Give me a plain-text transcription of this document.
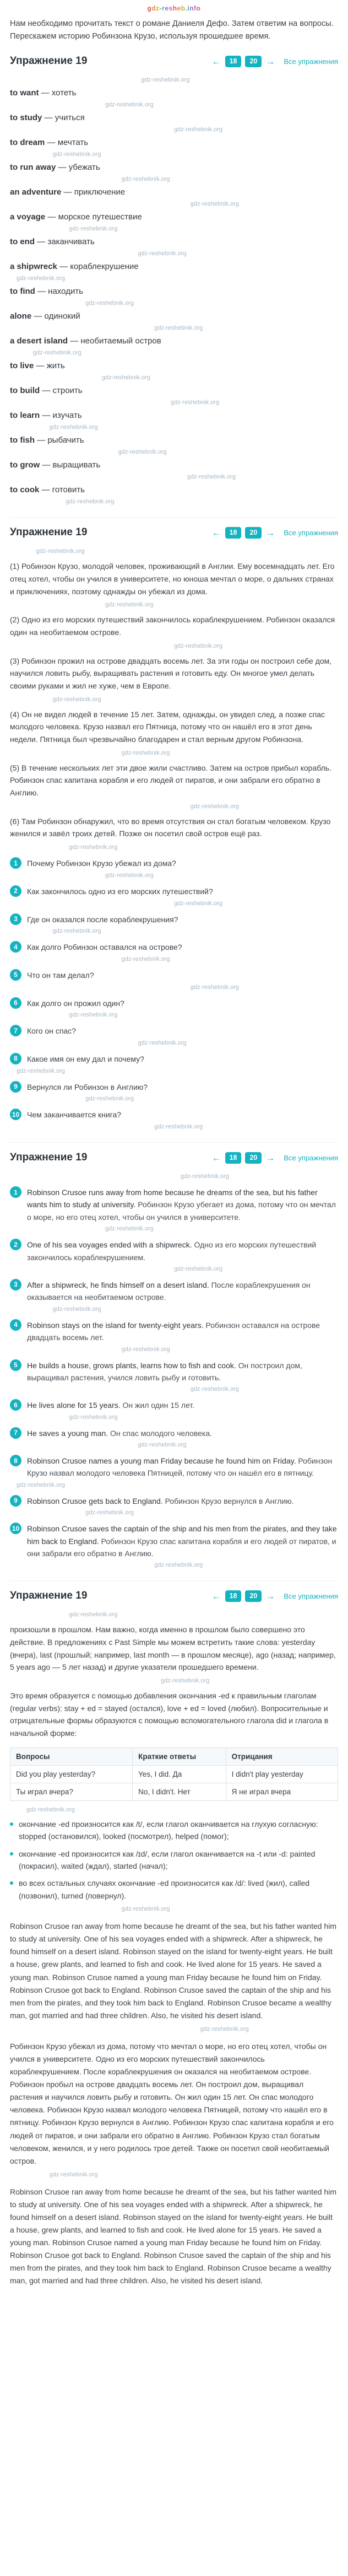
gdz-resheb.info

Нам необходимо прочитать текст о романе Даниеля Дефо. Затем ответим на вопросы. Перескажем историю Робинзона Крузо, используя прошедшее время.

Упражнение 19	←	18	20 → Все упражнения
gdz-reshebnik.org
to want — хотеть
gdz-reshebnik.org
to study — учиться
gdz-reshebnik.org
to dream — мечтать
gdz-reshebnik.org
to run away — убежать
gdz-reshebnik.org
an adventure — приключение
gdz-reshebnik.org
a voyage — морское путешествие
gdz-reshebnik.org
to end — заканчивать
gdz-reshebnik.org
a shipwreck — кораблекрушение
gdz-reshebnik.org
to find — находить
gdz-reshebnik.org
alone — одинокий
gdz-reshebnik.org
a desert island — необитаемый остров
gdz-reshebnik.org
to live — жить
gdz-reshebnik.org
to build — строить
gdz-reshebnik.org
to learn — изучать
gdz-reshebnik.org
to fish — рыбачить
gdz-reshebnik.org
to grow — выращивать
gdz-reshebnik.org
to cook — готовить
gdz-reshebnik.org
Упражнение 19	←	18	20 → Все упражнения
gdz-reshebnik.org

(1) Робинзон Крузо, молодой человек, проживающий в Англии. Ему восемнадцать лет. Его отец хотел, чтобы он учился в университете, но юноша мечтал о море, о дальних странах и приключениях, поэтому однажды он убежал из дома.

gdz-reshebnik.org

(2) Одно из его морских путешествий закончилось кораблекрушением. Робинзон оказался один на необитаемом острове.

gdz-reshebnik.org

(3) Робинзон прожил на острове двадцать восемь лет. За эти годы он построил себе дом, научился ловить рыбу, выращивать растения и готовить еду. Он многое умел делать своими руками и жил не хуже, чем в Европе.

gdz-reshebnik.org

(4) Он не видел людей в течение 15 лет. Затем, однажды, он увидел след, а позже спас молодого человека. Крузо назвал его Пятница, потому что он нашёл его в этот день недели. Пятница был чрезвычайно благодарен и стал верным другом Робинзона.

gdz-reshebnik.org

(5) В течение нескольких лет эти двое жили счастливо. Затем на остров прибыл корабль. Робинзон спас капитана корабля и его людей от пиратов, и они забрали его обратно в Англию.

gdz-reshebnik.org

(6) Там Робинзон обнаружил, что во время отсутствия он стал богатым человеком. Крузо женился и завёл троих детей. Позже он посетил свой остров ещё раз.

gdz-reshebnik.org
1	Почему Робинзон Крузо убежал из дома?
gdz-reshebnik.org
2	Как закончилось одно из его морских путешествий?
gdz-reshebnik.org
3	Где он оказался после кораблекрушения?
gdz-reshebnik.org
4	Как долго Робинзон оставался на острове?
gdz-reshebnik.org
5	Что он там делал?
gdz-reshebnik.org
6	Как долго он прожил один?
gdz-reshebnik.org
7	Кого он спас?
gdz-reshebnik.org
8	Какое имя он ему дал и почему?
gdz-reshebnik.org
9	Вернулся ли Робинзон в Англию?
gdz-reshebnik.org
10 Чем заканчивается книга?
gdz-reshebnik.org
Упражнение 19	←	18	20 → Все упражнения
gdz-reshebnik.org
1	Robinson Crusoe runs away from home because he dreams of the sea, but his father wants him to study at university. Робинзон Крузо убегает из дома, потому что он мечтал о море, но его отец хотел, чтобы он учился в университете.

gdz-reshebnik.org
2	One of his sea voyages ended with a shipwreck. Одно из его морских путешествий закончилось кораблекрушением.

gdz-reshebnik.org
3	After a shipwreck, he finds himself on a desert island. После кораблекрушения он оказывается на необитаемом острове.

gdz-reshebnik.org
4	Robinson stays on the island for twenty-eight years. Робинзон оставался на острове двадцать восемь лет.

gdz-reshebnik.org
5	He builds a house, grows plants, learns how to fish and cook. Он построил дом, выращивал растения, учился ловить рыбу и готовить.

gdz-reshebnik.org
6	He lives alone for 15 years. Он жил один 15 лет.

gdz-reshebnik.org
7	He saves a young man. Он спас молодого человека.

gdz-reshebnik.org
8	Robinson Crusoe names a young man Friday because he found him on Friday. Робинзон Крузо назвал молодого человека Пятницей, потому что он нашёл его в пятницу.

gdz-reshebnik.org
9	Robinson Crusoe gets back to England. Робинзон Крузо вернулся в Англию.

gdz-reshebnik.org
10 Robinson Crusoe saves the captain of the ship and his men from the pirates, and they take him back to England. Робинзон Крузо спас капитана корабля и его людей от пиратов, и они забрали его обратно в Англию.

gdz-reshebnik.org
Упражнение 19	←	18	20 → Все упражнения
gdz-reshebnik.org

произошли в прошлом. Нам важно, когда именно в прошлом было совершено это действие. В предложениях с Past Simple мы можем встретить такие слова: yesterday (вчера), last (прошлый; например, last month — в прошлом месяце), ago (назад; например, 5 years ago — 5 лет назад) и другие указатели прошедшего времени.

gdz-reshebnik.org

Это время образуется с помощью добавления окончания -ed к правильным глаголам (regular verbs): stay + ed = stayed (остался), love + ed = loved (любил). Вопросительные и отрицательные формы образуются с помощью вспомогательного глагола did и глагола в начальной форме:

Вопросы	Краткие ответы	Отрицания
Did you play yesterday?	Yes, I did. Да	I didn't play yesterday
Ты играл вчера?	No, I didn't. Нет	Я не играл вчера
gdz-reshebnik.org
окончание -ed произносится как /t/, если глагол оканчивается на глухую согласную: stopped (остановился), looked (посмотрел), helped (помог);
окончание -ed произносится как /ɪd/, если глагол оканчивается на -t или -d: painted (покрасил), waited (ждал), started (начал);
во всех остальных случаях окончание -ed произносится как /d/: lived (жил), called (позвонил), turned (повернул).
gdz-reshebnik.org

Robinson Crusoe ran away from home because he dreamt of the sea, but his father wanted him to study at university. One of his sea voyages ended with a shipwreck. After a shipwreck, he found himself on a desert island. Robinson stayed on the island for twenty-eight years. He built a house, grew plants, and learned to fish and cook. He lived alone for 15 years. He saved a young man. Robinson Crusoe named a young man Friday because he found him on Friday. Robinson Crusoe got back to England. Robinson Crusoe saved the captain of the ship and his men from the pirates, and they took him back to England. Robinson Crusoe became a wealthy man, got married and had three children. Also, he visited his desert island.

gdz-reshebnik.org

Робинзон Крузо убежал из дома, потому что мечтал о море, но его отец хотел, чтобы он учился в университете. Одно из его морских путешествий закончилось кораблекрушением. После кораблекрушения он оказался на необитаемом острове. Робинзон пробыл на острове двадцать восемь лет. Он построил дом, выращивал растения и научился ловить рыбу и готовить. Он жил один 15 лет. Он спас молодого человека. Робинзон Крузо назвал молодого человека Пятницей, потому что нашёл его в пятницу. Робинзон Крузо вернулся в Англию. Робинзон Крузо спас капитана корабля и его людей от пиратов, и они забрали его обратно в Англию. Робинзон Крузо стал богатым человеком, женился, и у него родилось трое детей. Также он посетил свой необитаемый остров.

gdz-reshebnik.org

Robinson Crusoe ran away from home because he dreamt of the sea, but his father wanted him to study at university. One of his sea voyages ended with a shipwreck. After a shipwreck, he found himself on a desert island. Robinson stayed on the island for twenty-eight years. He built a house, grew plants, and learned to fish and cook. He lived alone for 15 years. He saved a young man. Robinson Crusoe named a young man Friday because he found him on Friday. Robinson Crusoe got back to England. Robinson Crusoe saved the captain of the ship and his men from the pirates, and they took him back to England. Robinson Crusoe became a wealthy man, got married and had three children. Also, he visited his desert island.
